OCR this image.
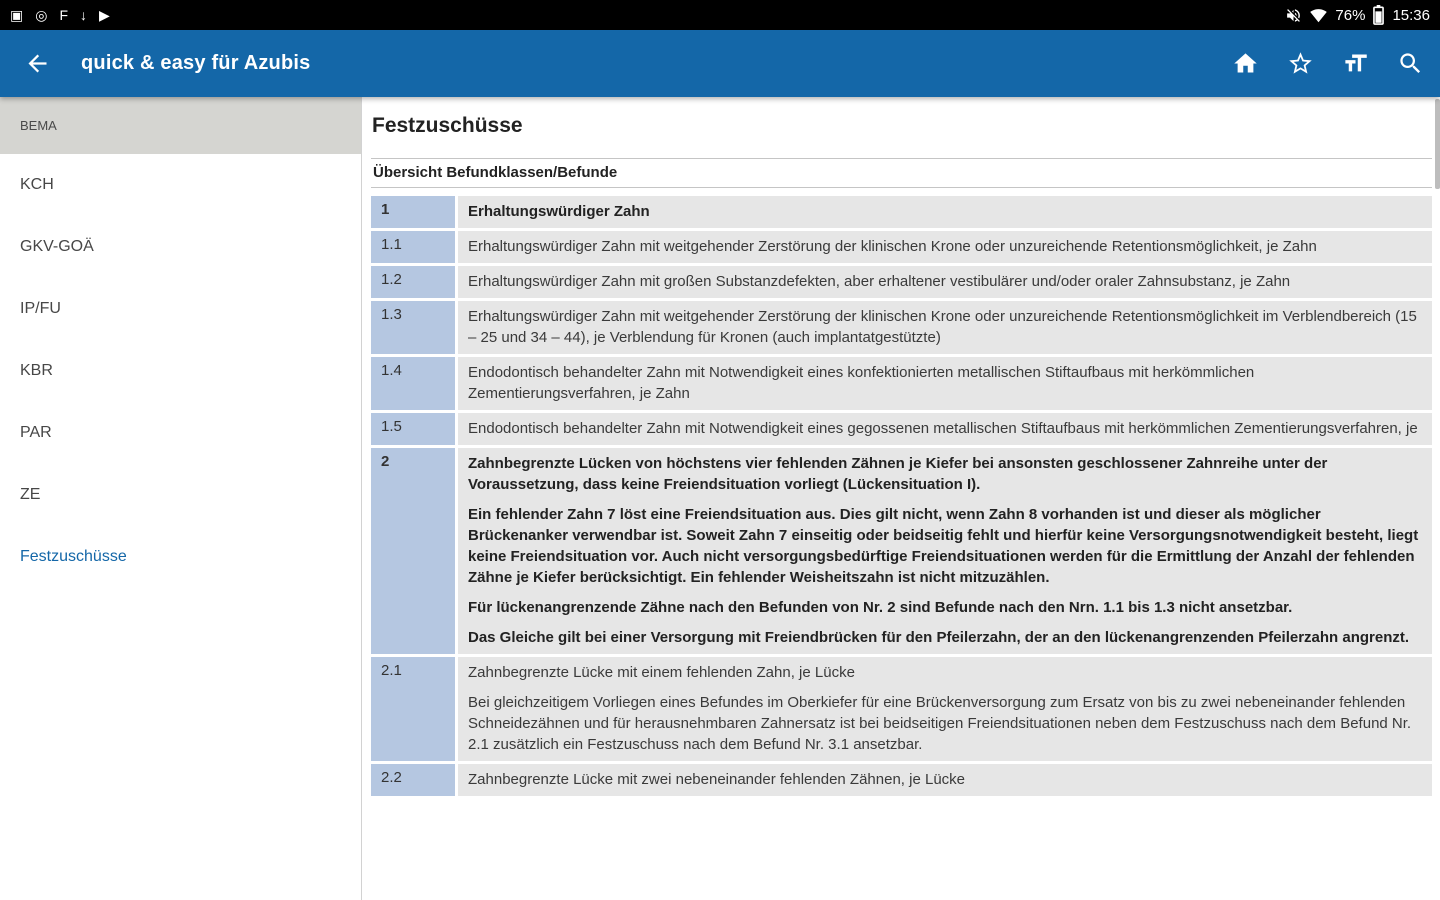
▣ ◎ F ↓ ▶	76% 15:36
quick & easy für Azubis
BEMA
KCH
GKV-GOÄ
IP/FU
KBR
PAR
ZE
Festzuschüsse
Festzuschüsse
Übersicht Befundklassen/Befunde
1	Erhaltungswürdiger Zahn

1.1	Erhaltungswürdiger Zahn mit weitgehender Zerstörung der klinischen Krone oder unzureichende Retentionsmöglichkeit, je Zahn

1.2	Erhaltungswürdiger Zahn mit großen Substanzdefekten, aber erhaltener vestibulärer und/oder oraler Zahnsubstanz, je Zahn

1.3	Erhaltungswürdiger Zahn mit weitgehender Zerstörung der klinischen Krone oder unzureichende Retentionsmöglichkeit im Verblendbereich (15 – 25 und 34 – 44), je Verblendung für Kronen (auch implantatgestützte)

1.4	Endodontisch behandelter Zahn mit Notwendigkeit eines konfektionierten metallischen Stiftaufbaus mit herkömmlichen Zementierungsverfahren, je Zahn

1.5	Endodontisch behandelter Zahn mit Notwendigkeit eines gegossenen metallischen Stiftaufbaus mit herkömmlichen Zementierungsverfahren, je

2	Zahnbegrenzte Lücken von höchstens vier fehlenden Zähnen je Kiefer bei ansonsten geschlossener Zahnreihe unter der Voraussetzung, dass keine Freiendsituation vorliegt (Lückensituation I).

Ein fehlender Zahn 7 löst eine Freiendsituation aus. Dies gilt nicht, wenn Zahn 8 vorhanden ist und dieser als möglicher Brückenanker verwendbar ist. Soweit Zahn 7 einseitig oder beidseitig fehlt und hierfür keine Versorgungsnotwendigkeit besteht, liegt keine Freiendsituation vor. Auch nicht versorgungsbedürftige Freiendsituationen werden für die Ermittlung der Anzahl der fehlenden Zähne je Kiefer berücksichtigt. Ein fehlender Weisheitszahn ist nicht mitzuzählen.

Für lückenangrenzende Zähne nach den Befunden von Nr. 2 sind Befunde nach den Nrn. 1.1 bis 1.3 nicht ansetzbar.

Das Gleiche gilt bei einer Versorgung mit Freiendbrücken für den Pfeilerzahn, der an den lückenangrenzenden Pfeilerzahn angrenzt.

2.1	Zahnbegrenzte Lücke mit einem fehlenden Zahn, je Lücke

Bei gleichzeitigem Vorliegen eines Befundes im Oberkiefer für eine Brückenversorgung zum Ersatz von bis zu zwei nebeneinander fehlenden Schneidezähnen und für herausnehmbaren Zahnersatz ist bei beidseitigen Freiendsituationen neben dem Festzuschuss nach dem Befund Nr. 2.1 zusätzlich ein Festzuschuss nach dem Befund Nr. 3.1 ansetzbar.

2.2	Zahnbegrenzte Lücke mit zwei nebeneinander fehlenden Zähnen, je Lücke
